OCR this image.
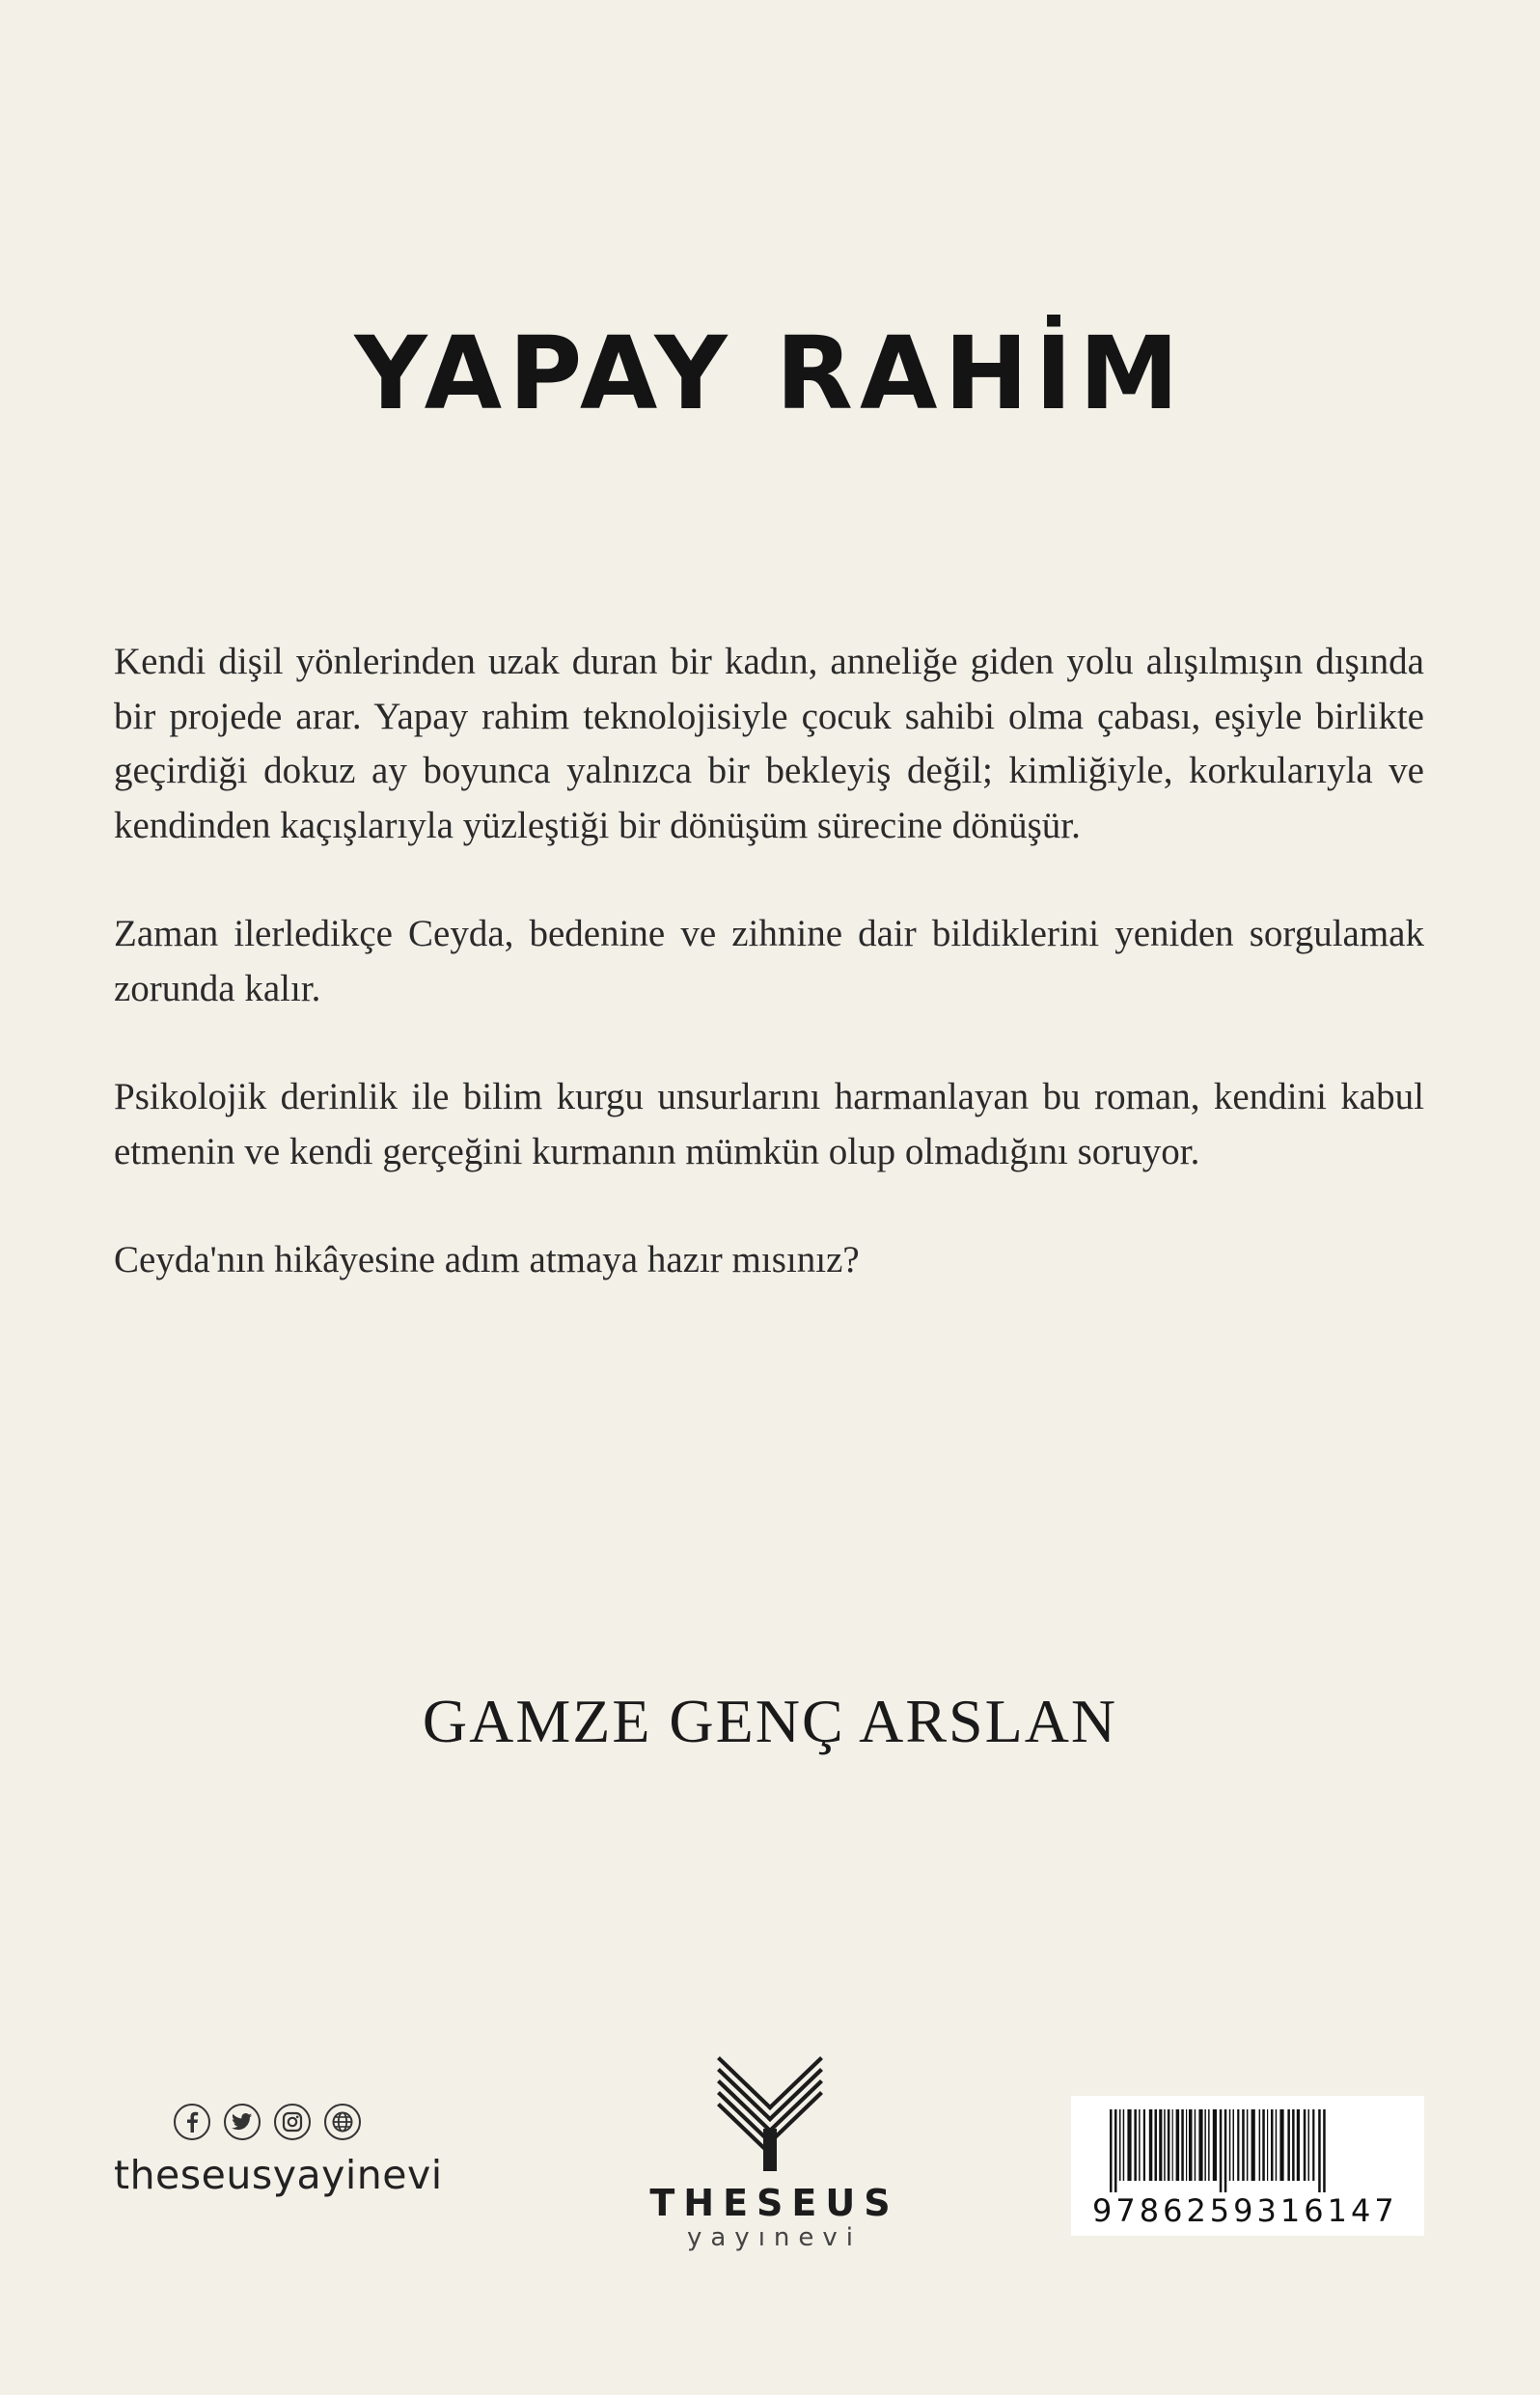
YAPAY RAHİM

Kendi dişil yönlerinden uzak duran bir kadın, anneliğe giden yolu alışılmışın dışında bir projede arar. Yapay rahim teknolojisiyle çocuk sahibi olma çabası, eşiyle birlikte geçirdiği dokuz ay boyunca yalnızca bir bekleyiş değil; kimliğiyle, korkularıyla ve kendinden kaçışlarıyla yüzleştiği bir dönüşüm sürecine dönüşür.

Zaman ilerledikçe Ceyda, bedenine ve zihnine dair bildiklerini yeniden sorgulamak zorunda kalır.

Psikolojik derinlik ile bilim kurgu unsurlarını harmanlayan bu roman, kendini kabul etmenin ve kendi gerçeğini kurmanın mümkün olup olmadığını soruyor.

Ceyda'nın hikâyesine adım atmaya hazır mısınız?

GAMZE GENÇ ARSLAN
theseusyayinevi
THESEUS
yayınevi
9786259316147
